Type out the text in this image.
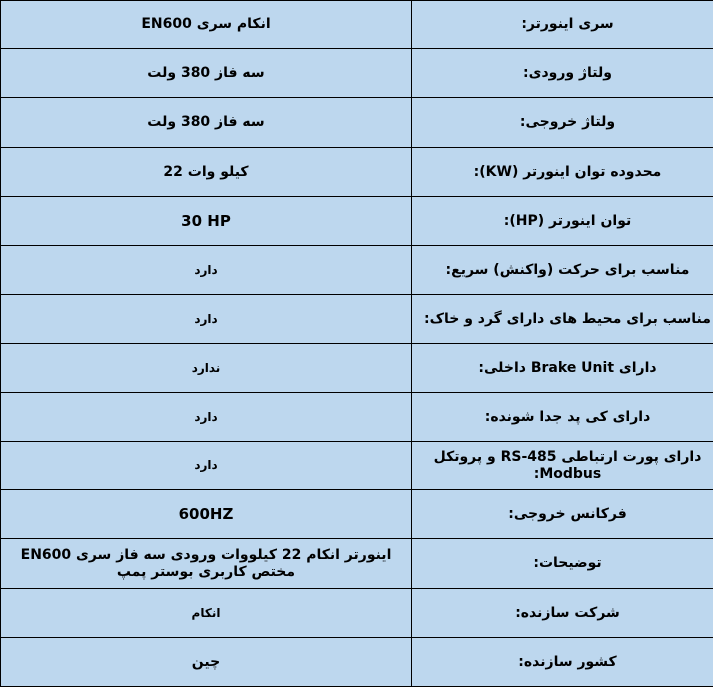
انکام سری EN600	سری اینورتر:
سه فاز 380 ولت	ولتاژ ورودی:
سه فاز 380 ولت	ولتاژ خروجی:
کیلو وات 22	محدوده توان اینورتر (KW):
30 HP	توان اینورتر (HP):
دارد	مناسب برای حرکت (واکنش) سریع:
دارد	مناسب برای محیط های دارای گرد و خاک:
ندارد	دارای Brake Unit داخلی:
دارد	دارای کی پد جدا شونده:
دارد	دارای پورت ارتباطی RS-485 و پروتکل Modbus:
600HZ	فرکانس خروجی:
اینورتر انکام 22 کیلووات ورودی سه فاز سری EN600 مختص کاربری بوستر پمپ	توضیحات:
انکام	شرکت سازنده:
چین	کشور سازنده:
